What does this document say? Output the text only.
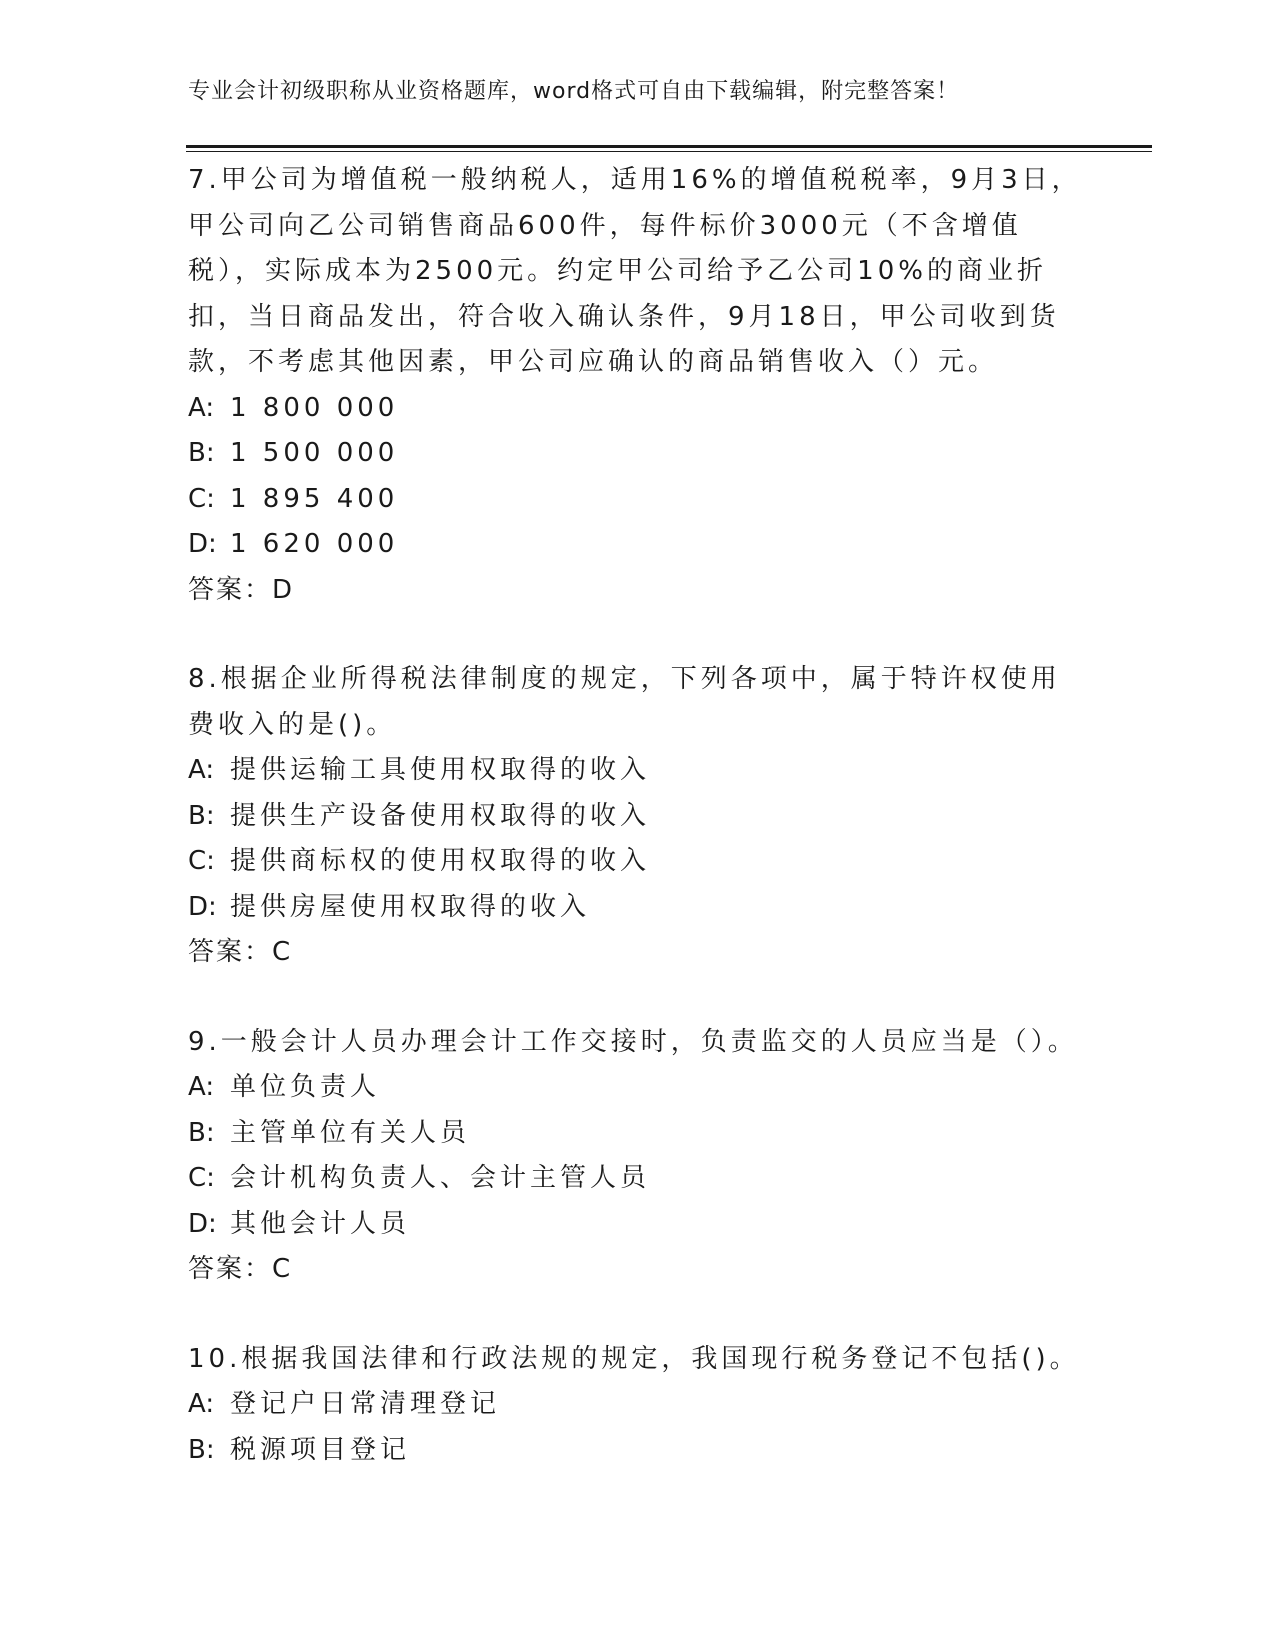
专业会计初级职称从业资格题库，word格式可自由下载编辑，附完整答案！
7.甲公司为增值税一般纳税人，适用16%的增值税税率，9月3日，甲公司向乙公司销售商品600件，每件标价3000元（不含增值税），实际成本为2500元。约定甲公司给予乙公司10%的商业折扣，当日商品发出，符合收入确认条件，9月18日，甲公司收到货款，不考虑其他因素，甲公司应确认的商品销售收入（）元。
A: 1 800 000
B: 1 500 000
C: 1 895 400
D: 1 620 000
答案：D
8.根据企业所得税法律制度的规定，下列各项中，属于特许权使用费收入的是()。
A: 提供运输工具使用权取得的收入
B: 提供生产设备使用权取得的收入
C: 提供商标权的使用权取得的收入
D: 提供房屋使用权取得的收入
答案：C
9.一般会计人员办理会计工作交接时，负责监交的人员应当是（）。
A: 单位负责人
B: 主管单位有关人员
C: 会计机构负责人、会计主管人员
D: 其他会计人员
答案：C
10.根据我国法律和行政法规的规定，我国现行税务登记不包括()。
A: 登记户日常清理登记
B: 税源项目登记
